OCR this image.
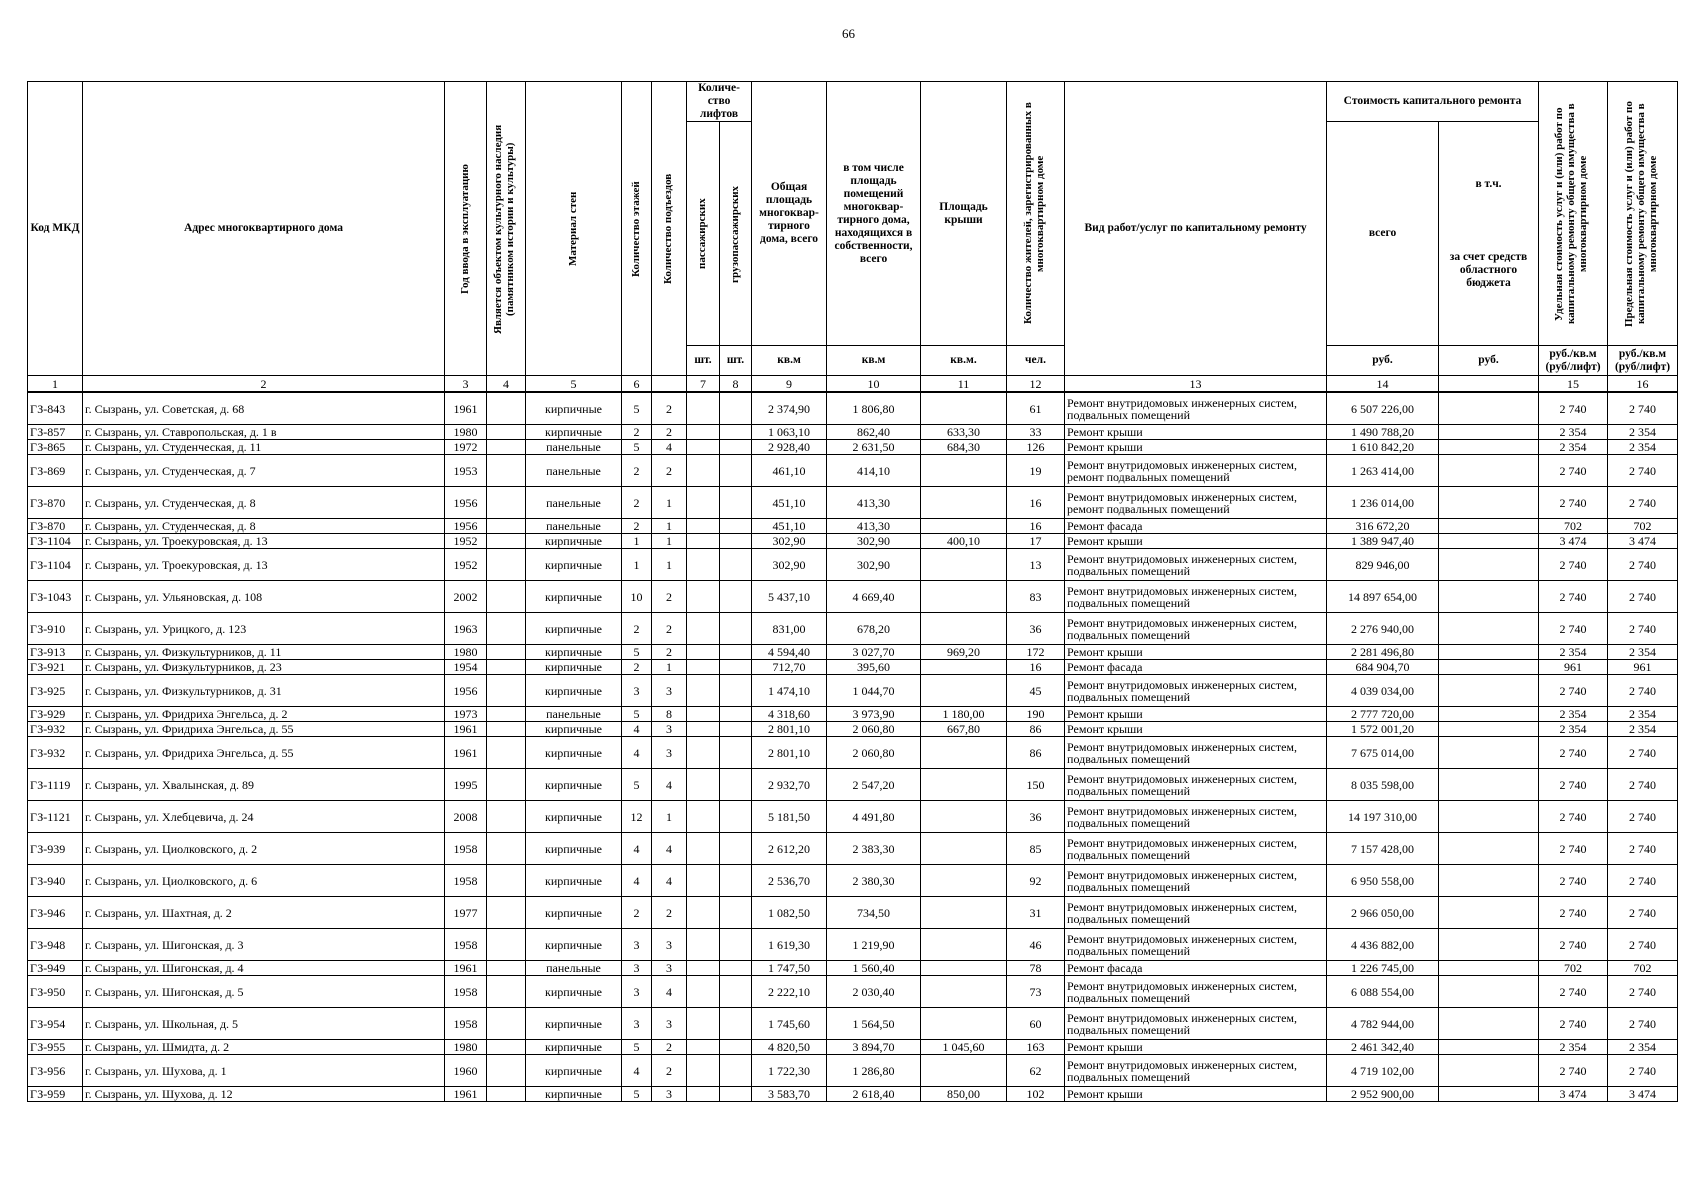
66
Код МКД	Адрес многоквартирного дома	Год ввода в эксплуатацию	Является объектом культурного наследия (памятником истории и культуры)	Материал стен	Количество этажей	Количество подъездов	Количе-ство лифтов		Общая площадь многоквар-тирного дома, всего	в том числе площадь помещений многоквар-тирного дома, находящихся в собственности, всего	Площадь крыши	Количество жителей, зарегистрированных в многоквартирном доме	Вид работ/услуг по капитальному ремонту	Стоимость капитального ремонта		Удельная стоимость услуг и (или) работ по капитальному ремонту общего имущества в многоквартирном доме	Предельная стоимость услуг и (или) работ по капитальному ремонту общего имущества в многоквартирном доме

							пассажирских	грузопассажирских						всего	в т.ч.
за счет средств областного бюджета		

							шт.	шт.	кв.м	кв.м	кв.м.	чел.		руб.	руб.	руб./кв.м (руб/лифт)	руб./кв.м (руб/лифт)
1	2	3	4	5	6		7	8	9	10	11	12	13	14		15	16
ГЗ-843	г. Сызрань, ул. Советская, д. 68	1961		кирпичные	5	2			2 374,90	1 806,80		61	Ремонт внутридомовых инженерных систем, подвальных помещений	6 507 226,00		2 740	2 740
ГЗ-857	г. Сызрань, ул. Ставропольская, д. 1 в	1980		кирпичные	2	2			1 063,10	862,40	633,30	33	Ремонт крыши	1 490 788,20		2 354	2 354
ГЗ-865	г. Сызрань, ул. Студенческая, д. 11	1972		панельные	5	4			2 928,40	2 631,50	684,30	126	Ремонт крыши	1 610 842,20		2 354	2 354
ГЗ-869	г. Сызрань, ул. Студенческая, д. 7	1953		панельные	2	2			461,10	414,10		19	Ремонт внутридомовых инженерных систем, ремонт подвальных помещений	1 263 414,00		2 740	2 740
ГЗ-870	г. Сызрань, ул. Студенческая, д. 8	1956		панельные	2	1			451,10	413,30		16	Ремонт внутридомовых инженерных систем, ремонт подвальных помещений	1 236 014,00		2 740	2 740
ГЗ-870	г. Сызрань, ул. Студенческая, д. 8	1956		панельные	2	1			451,10	413,30		16	Ремонт фасада	316 672,20		702	702
ГЗ-1104	г. Сызрань, ул. Троекуровская, д. 13	1952		кирпичные	1	1			302,90	302,90	400,10	17	Ремонт крыши	1 389 947,40		3 474	3 474
ГЗ-1104	г. Сызрань, ул. Троекуровская, д. 13	1952		кирпичные	1	1			302,90	302,90		13	Ремонт внутридомовых инженерных систем, подвальных помещений	829 946,00		2 740	2 740
ГЗ-1043	г. Сызрань, ул. Ульяновская, д. 108	2002		кирпичные	10	2			5 437,10	4 669,40		83	Ремонт внутридомовых инженерных систем, подвальных помещений	14 897 654,00		2 740	2 740
ГЗ-910	г. Сызрань, ул. Урицкого, д. 123	1963		кирпичные	2	2			831,00	678,20		36	Ремонт внутридомовых инженерных систем, подвальных помещений	2 276 940,00		2 740	2 740
ГЗ-913	г. Сызрань, ул. Физкультурников, д. 11	1980		кирпичные	5	2			4 594,40	3 027,70	969,20	172	Ремонт крыши	2 281 496,80		2 354	2 354
ГЗ-921	г. Сызрань, ул. Физкультурников, д. 23	1954		кирпичные	2	1			712,70	395,60		16	Ремонт фасада	684 904,70		961	961
ГЗ-925	г. Сызрань, ул. Физкультурников, д. 31	1956		кирпичные	3	3			1 474,10	1 044,70		45	Ремонт внутридомовых инженерных систем, подвальных помещений	4 039 034,00		2 740	2 740
ГЗ-929	г. Сызрань, ул. Фридриха Энгельса, д. 2	1973		панельные	5	8			4 318,60	3 973,90	1 180,00	190	Ремонт крыши	2 777 720,00		2 354	2 354
ГЗ-932	г. Сызрань, ул. Фридриха Энгельса, д. 55	1961		кирпичные	4	3			2 801,10	2 060,80	667,80	86	Ремонт крыши	1 572 001,20		2 354	2 354
ГЗ-932	г. Сызрань, ул. Фридриха Энгельса, д. 55	1961		кирпичные	4	3			2 801,10	2 060,80		86	Ремонт внутридомовых инженерных систем, подвальных помещений	7 675 014,00		2 740	2 740
ГЗ-1119	г. Сызрань, ул. Хвалынская, д. 89	1995		кирпичные	5	4			2 932,70	2 547,20		150	Ремонт внутридомовых инженерных систем, подвальных помещений	8 035 598,00		2 740	2 740
ГЗ-1121	г. Сызрань, ул. Хлебцевича, д. 24	2008		кирпичные	12	1			5 181,50	4 491,80		36	Ремонт внутридомовых инженерных систем, подвальных помещений	14 197 310,00		2 740	2 740
ГЗ-939	г. Сызрань, ул. Циолковского, д. 2	1958		кирпичные	4	4			2 612,20	2 383,30		85	Ремонт внутридомовых инженерных систем, подвальных помещений	7 157 428,00		2 740	2 740
ГЗ-940	г. Сызрань, ул. Циолковского, д. 6	1958		кирпичные	4	4			2 536,70	2 380,30		92	Ремонт внутридомовых инженерных систем, подвальных помещений	6 950 558,00		2 740	2 740
ГЗ-946	г. Сызрань, ул. Шахтная, д. 2	1977		кирпичные	2	2			1 082,50	734,50		31	Ремонт внутридомовых инженерных систем, подвальных помещений	2 966 050,00		2 740	2 740
ГЗ-948	г. Сызрань, ул. Шигонская, д. 3	1958		кирпичные	3	3			1 619,30	1 219,90		46	Ремонт внутридомовых инженерных систем, подвальных помещений	4 436 882,00		2 740	2 740
ГЗ-949	г. Сызрань, ул. Шигонская, д. 4	1961		панельные	3	3			1 747,50	1 560,40		78	Ремонт фасада	1 226 745,00		702	702
ГЗ-950	г. Сызрань, ул. Шигонская, д. 5	1958		кирпичные	3	4			2 222,10	2 030,40		73	Ремонт внутридомовых инженерных систем, подвальных помещений	6 088 554,00		2 740	2 740
ГЗ-954	г. Сызрань, ул. Школьная, д. 5	1958		кирпичные	3	3			1 745,60	1 564,50		60	Ремонт внутридомовых инженерных систем, подвальных помещений	4 782 944,00		2 740	2 740
ГЗ-955	г. Сызрань, ул. Шмидта, д. 2	1980		кирпичные	5	2			4 820,50	3 894,70	1 045,60	163	Ремонт крыши	2 461 342,40		2 354	2 354
ГЗ-956	г. Сызрань, ул. Шухова, д. 1	1960		кирпичные	4	2			1 722,30	1 286,80		62	Ремонт внутридомовых инженерных систем, подвальных помещений	4 719 102,00		2 740	2 740
ГЗ-959	г. Сызрань, ул. Шухова, д. 12	1961		кирпичные	5	3			3 583,70	2 618,40	850,00	102	Ремонт крыши	2 952 900,00		3 474	3 474
